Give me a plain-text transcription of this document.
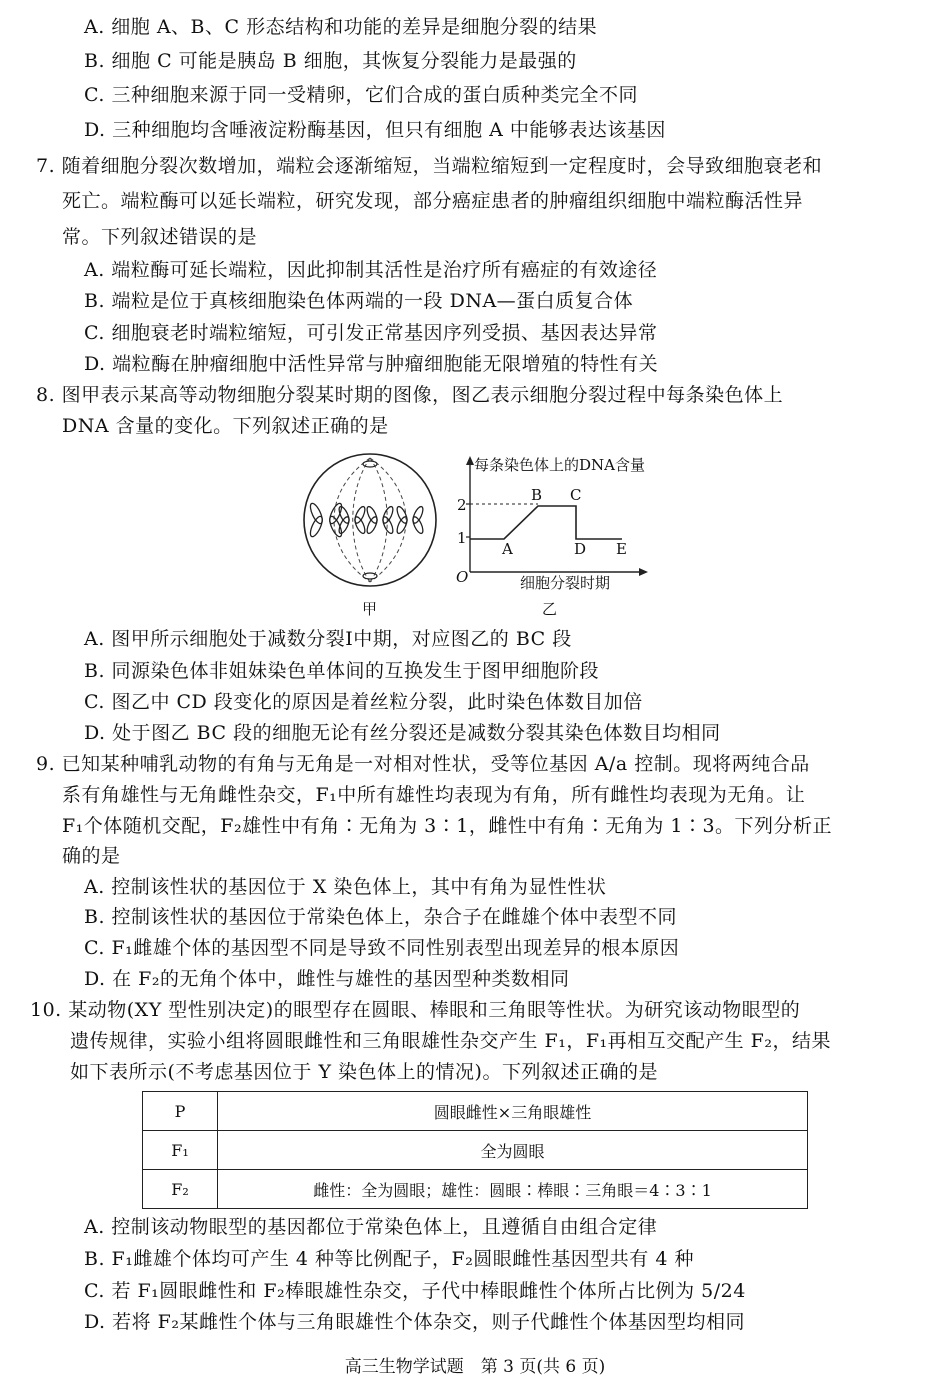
A. 细胞 A、B、C 形态结构和功能的差异是细胞分裂的结果
B. 细胞 C 可能是胰岛 B 细胞，其恢复分裂能力是最强的
C. 三种细胞来源于同一受精卵，它们合成的蛋白质种类完全不同
D. 三种细胞均含唾液淀粉酶基因，但只有细胞 A 中能够表达该基因
7. 随着细胞分裂次数增加，端粒会逐渐缩短，当端粒缩短到一定程度时，会导致细胞衰老和
死亡。端粒酶可以延长端粒，研究发现，部分癌症患者的肿瘤组织细胞中端粒酶活性异
常。下列叙述错误的是
A. 端粒酶可延长端粒，因此抑制其活性是治疗所有癌症的有效途径
B. 端粒是位于真核细胞染色体两端的一段 DNA—蛋白质复合体
C. 细胞衰老时端粒缩短，可引发正常基因序列受损、基因表达异常
D. 端粒酶在肿瘤细胞中活性异常与肿瘤细胞能无限增殖的特性有关
8. 图甲表示某高等动物细胞分裂某时期的图像，图乙表示细胞分裂过程中每条染色体上
DNA 含量的变化。下列叙述正确的是
每条染色体上的DNA含量
细胞分裂时期
O
1
2
A
B C
D E
甲	乙
A. 图甲所示细胞处于减数分裂Ⅰ中期，对应图乙的 BC 段
B. 同源染色体非姐妹染色单体间的互换发生于图甲细胞阶段
C. 图乙中 CD 段变化的原因是着丝粒分裂，此时染色体数目加倍
D. 处于图乙 BC 段的细胞无论有丝分裂还是减数分裂其染色体数目均相同
9. 已知某种哺乳动物的有角与无角是一对相对性状，受等位基因 A/a 控制。现将两纯合品
系有角雄性与无角雌性杂交，F₁中所有雄性均表现为有角，所有雌性均表现为无角。让
F₁个体随机交配，F₂雄性中有角∶无角为 3∶1，雌性中有角∶无角为 1∶3。下列分析正
确的是
A. 控制该性状的基因位于 X 染色体上，其中有角为显性性状
B. 控制该性状的基因位于常染色体上，杂合子在雌雄个体中表型不同
C. F₁雌雄个体的基因型不同是导致不同性别表型出现差异的根本原因
D. 在 F₂的无角个体中，雌性与雄性的基因型种类数相同
10. 某动物(XY 型性别决定)的眼型存在圆眼、棒眼和三角眼等性状。为研究该动物眼型的
遗传规律，实验小组将圆眼雌性和三角眼雄性杂交产生 F₁，F₁再相互交配产生 F₂，结果
如下表所示(不考虑基因位于 Y 染色体上的情况)。下列叙述正确的是
P	圆眼雌性×三角眼雄性
F₁	全为圆眼
F₂	雌性：全为圆眼；雄性：圆眼∶棒眼∶三角眼＝4∶3∶1
A. 控制该动物眼型的基因都位于常染色体上，且遵循自由组合定律
B. F₁雌雄个体均可产生 4 种等比例配子，F₂圆眼雌性基因型共有 4 种
C. 若 F₁圆眼雌性和 F₂棒眼雄性杂交，子代中棒眼雌性个体所占比例为 5/24
D. 若将 F₂某雌性个体与三角眼雄性个体杂交，则子代雌性个体基因型均相同
高三生物学试题　第 3 页(共 6 页)
